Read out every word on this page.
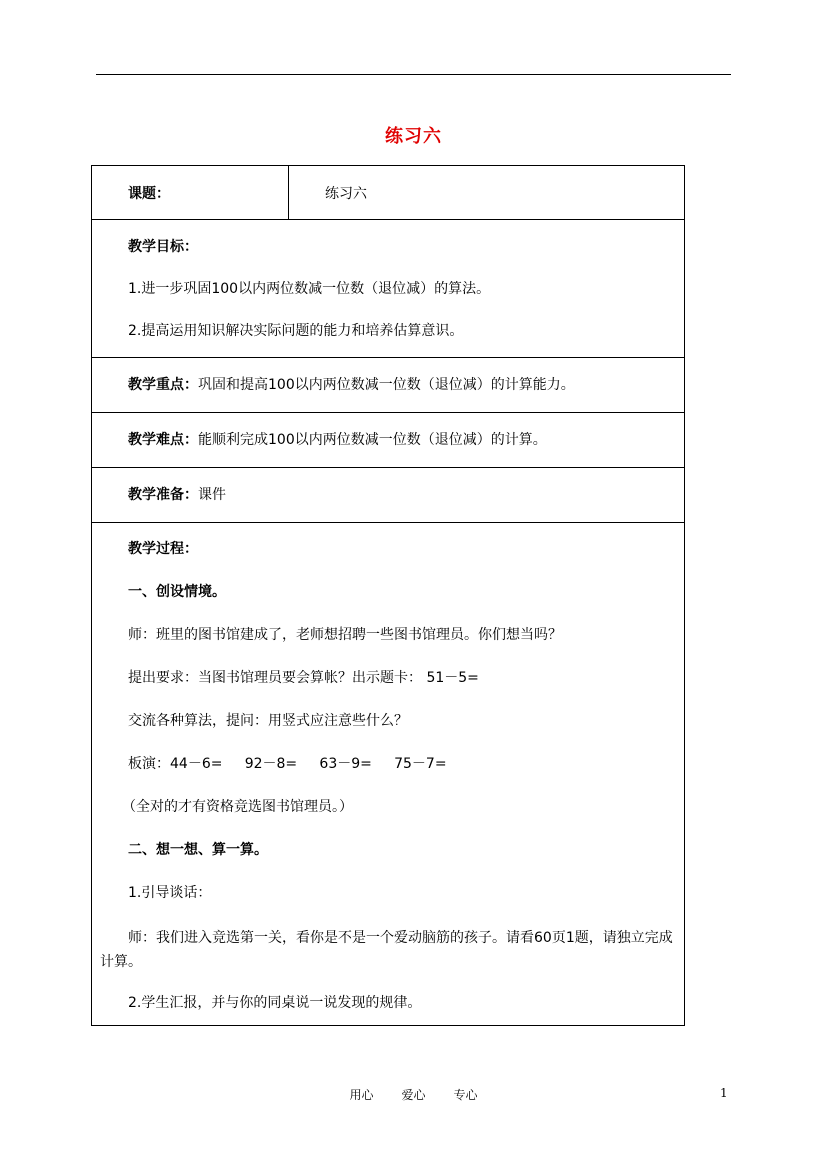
练习六
课题：	练习六

教学目标：

1.进一步巩固100以内两位数减一位数（退位减）的算法。

2.提高运用知识解决实际问题的能力和培养估算意识。

教学重点：巩固和提高100以内两位数减一位数（退位减）的计算能力。

教学难点：能顺利完成100以内两位数减一位数（退位减）的计算。

教学准备：课件

教学过程：

一、创设情境。

师：班里的图书馆建成了，老师想招聘一些图书馆理员。你们想当吗？

提出要求：当图书馆理员要会算帐？出示题卡： 51－5=

交流各种算法，提问：用竖式应注意些什么？

板演：44－6=     92－8=     63－9=     75－7=

（全对的才有资格竞选图书馆理员。）

二、想一想、算一算。

1.引导谈话：

师：我们进入竞选第一关，看你是不是一个爱动脑筋的孩子。请看60页1题，请独立完成计算。

2.学生汇报，并与你的同桌说一说发现的规律。

用心 爱心 专心	1
